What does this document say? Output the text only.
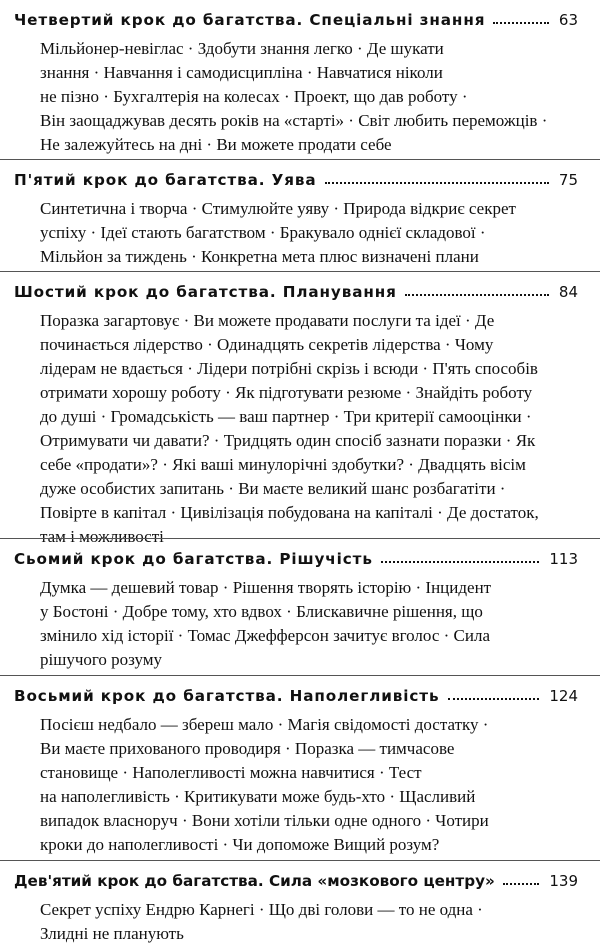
Четвертий крок до багатства. Спеціальні знання	63
Мільйонер-невіглас · Здобути знання легко · Де шукати
знання · Навчання і самодисципліна · Навчатися ніколи
не пізно · Бухгалтерія на колесах · Проект, що дав роботу ·
Він заощаджував десять років на «старті» · Світ любить переможців ·
Не залежуйтесь на дні · Ви можете продати себе
П'ятий крок до багатства. Уява	75
Синтетична і творча · Стимулюйте уяву · Природа відкриє секрет
успіху · Ідеї стають багатством · Бракувало однієї складової ·
Мільйон за тиждень · Конкретна мета плюс визначені плани
Шостий крок до багатства. Планування	84
Поразка загартовує · Ви можете продавати послуги та ідеї · Де
починається лідерство · Одинадцять секретів лідерства · Чому
лідерам не вдається · Лідери потрібні скрізь і всюди · П'ять способів
отримати хорошу роботу · Як підготувати резюме · Знайдіть роботу
до душі · Громадськість — ваш партнер · Три критерії самооцінки ·
Отримувати чи давати? · Тридцять один спосіб зазнати поразки · Як
себе «продати»? · Які ваші минулорічні здобутки? · Двадцять вісім
дуже особистих запитань · Ви маєте великий шанс розбагатіти ·
Повірте в капітал · Цивілізація побудована на капіталі · Де достаток,
там і можливості
Сьомий крок до багатства. Рішучість	113
Думка — дешевий товар · Рішення творять історію · Інцидент
у Бостоні · Добре тому, хто вдвох · Блискавичне рішення, що
змінило хід історії · Томас Джефферсон зачитує вголос · Сила
рішучого розуму
Восьмий крок до багатства. Наполегливість	124
Посієш недбало — збереш мало · Магія свідомості достатку ·
Ви маєте прихованого проводиря · Поразка — тимчасове
становище · Наполегливості можна навчитися · Тест
на наполегливість · Критикувати може будь-хто · Щасливий
випадок власноруч · Вони хотіли тільки одне одного · Чотири
кроки до наполегливості · Чи допоможе Вищий розум?
Дев'ятий крок до багатства. Сила «мозкового центру»	139
Секрет успіху Ендрю Карнегі · Що дві голови — то не одна ·
Злидні не планують
